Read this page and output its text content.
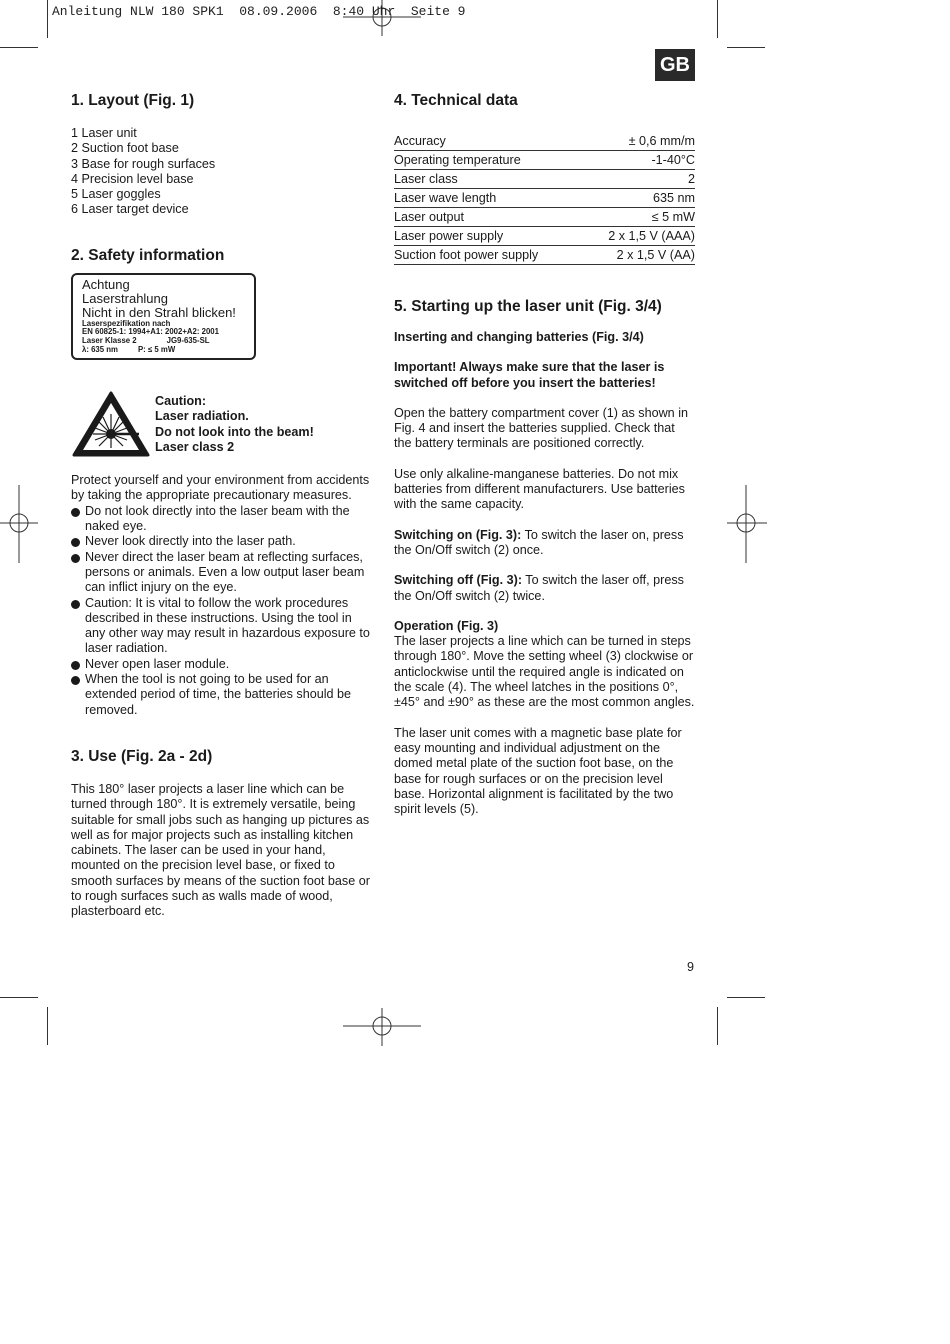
Anleitung NLW 180 SPK1  08.09.2006  8:40 Uhr  Seite 9
GB
1. Layout (Fig. 1)
1 Laser unit
2 Suction foot base
3 Base for rough surfaces
4 Precision level base
5 Laser goggles
6 Laser target device
2. Safety information
Achtung
Laserstrahlung
Nicht in den Strahl blicken!
Laserspezifikation nach
EN 60825-1: 1994+A1: 2002+A2: 2001
Laser Klasse 2	JG9-635-SL
λ: 635 nm	P: ≤ 5 mW
Caution:
Laser radiation.
Do not look into the beam!
Laser class 2

Protect yourself and your environment from accidents by taking the appropriate precautionary measures.

Do not look directly into the laser beam with the naked eye.
Never look directly into the laser path.
Never direct the laser beam at reflecting surfaces, persons or animals. Even a low output laser beam can inflict injury on the eye.
Caution: It is vital to follow the work procedures described in these instructions. Using the tool in any other way may result in hazardous exposure to laser radiation.
Never open laser module.
When the tool is not going to be used for an extended period of time, the batteries should be removed.
3. Use (Fig. 2a - 2d)

This 180° laser projects a laser line which can be turned through 180°. It is extremely versatile, being suitable for small jobs such as hanging up pictures as well as for major projects such as installing kitchen cabinets. The laser can be used in your hand, mounted on the precision level base, or fixed to smooth surfaces by means of the suction foot base or to rough surfaces such as walls made of wood, plasterboard etc.

4. Technical data
Accuracy	± 0,6 mm/m
Operating temperature	-1-40°C
Laser class	2
Laser wave length	635 nm
Laser output	≤ 5 mW
Laser power supply	2 x 1,5 V (AAA)
Suction foot power supply	2 x 1,5 V (AA)
5. Starting up the laser unit (Fig. 3/4)

Inserting and changing batteries (Fig. 3/4)

Important! Always make sure that the laser is switched off before you insert the batteries!

Open the battery compartment cover (1) as shown in Fig. 4 and insert the batteries supplied. Check that the battery terminals are positioned correctly.

Use only alkaline-manganese batteries. Do not mix batteries from different manufacturers. Use batteries with the same capacity.

Switching on (Fig. 3): To switch the laser on, press the On/Off switch (2) once.

Switching off (Fig. 3): To switch the laser off, press the On/Off switch (2) twice.

Operation (Fig. 3)

The laser projects a line which can be turned in steps through 180°. Move the setting wheel (3) clockwise or anticlockwise until the required angle is indicated on the scale (4). The wheel latches in the positions 0°, ±45° and ±90° as these are the most common angles.

The laser unit comes with a magnetic base plate for easy mounting and individual adjustment on the domed metal plate of the suction foot base, on the base for rough surfaces or on the precision level base. Horizontal alignment is facilitated by the two spirit levels (5).

9
